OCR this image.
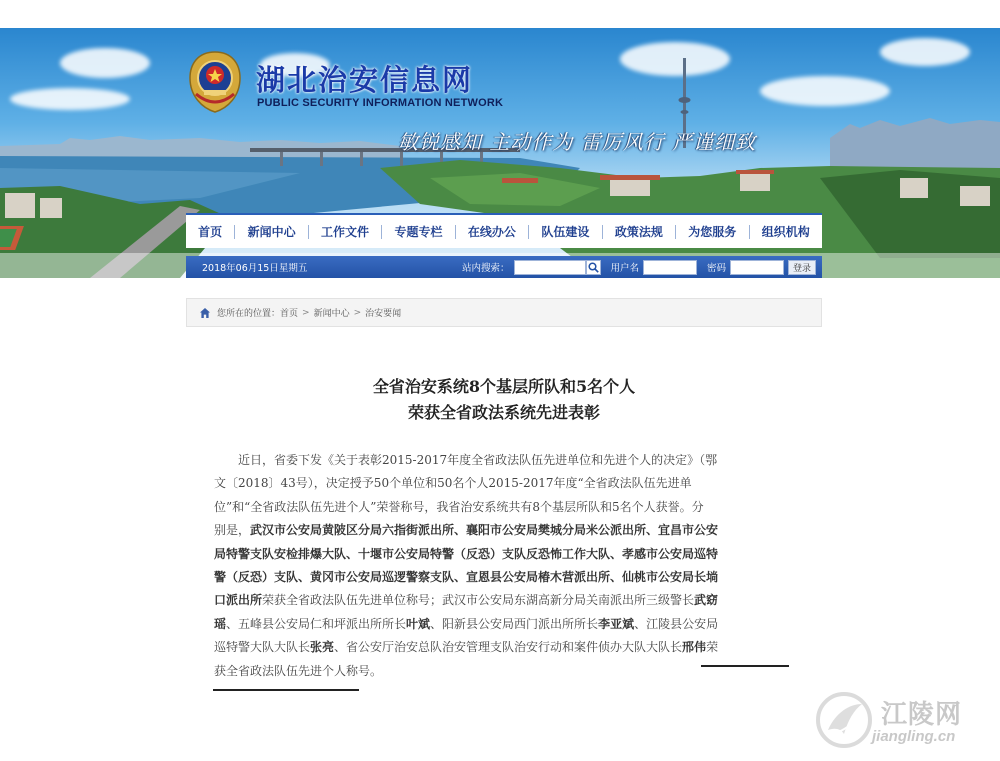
湖北治安信息网
PUBLIC SECURITY INFORMATION NETWORK
敏锐感知 主动作为 雷厉风行 严谨细致
首页 新闻中心 工作文件 专题专栏 在线办公 队伍建设 政策法规 为您服务 组织机构
2018年06月15日星期五	站内搜索：	用户名	密码	登录
您所在的位置： 首页 > 新闻中心 > 治安要闻
全省治安系统8个基层所队和5名个人
荣获全省政法系统先进表彰
　　近日，省委下发《关于表彰2015-2017年度全省政法队伍先进单位和先进个人的决定》（鄂
文〔2018〕43号），决定授予50个单位和50名个人2015-2017年度“全省政法队伍先进单
位”和“全省政法队伍先进个人”荣誉称号，我省治安系统共有8个基层所队和5名个人获誉。分
别是，武汉市公安局黄陂区分局六指街派出所、襄阳市公安局樊城分局米公派出所、宜昌市公安
局特警支队安检排爆大队、十堰市公安局特警（反恐）支队反恐怖工作大队、孝感市公安局巡特
警（反恐）支队、黄冈市公安局巡逻警察支队、宣恩县公安局椿木营派出所、仙桃市公安局长埫
口派出所荣获全省政法队伍先进单位称号；武汉市公安局东湖高新分局关南派出所三级警长武窈
瑶、五峰县公安局仁和坪派出所所长叶斌、阳新县公安局西门派出所所长李亚斌、江陵县公安局
巡特警大队大队长张亮、省公安厅治安总队治安管理支队治安行动和案件侦办大队大队长邢伟荣
获全省政法队伍先进个人称号。
江陵网
jiangling.cn
